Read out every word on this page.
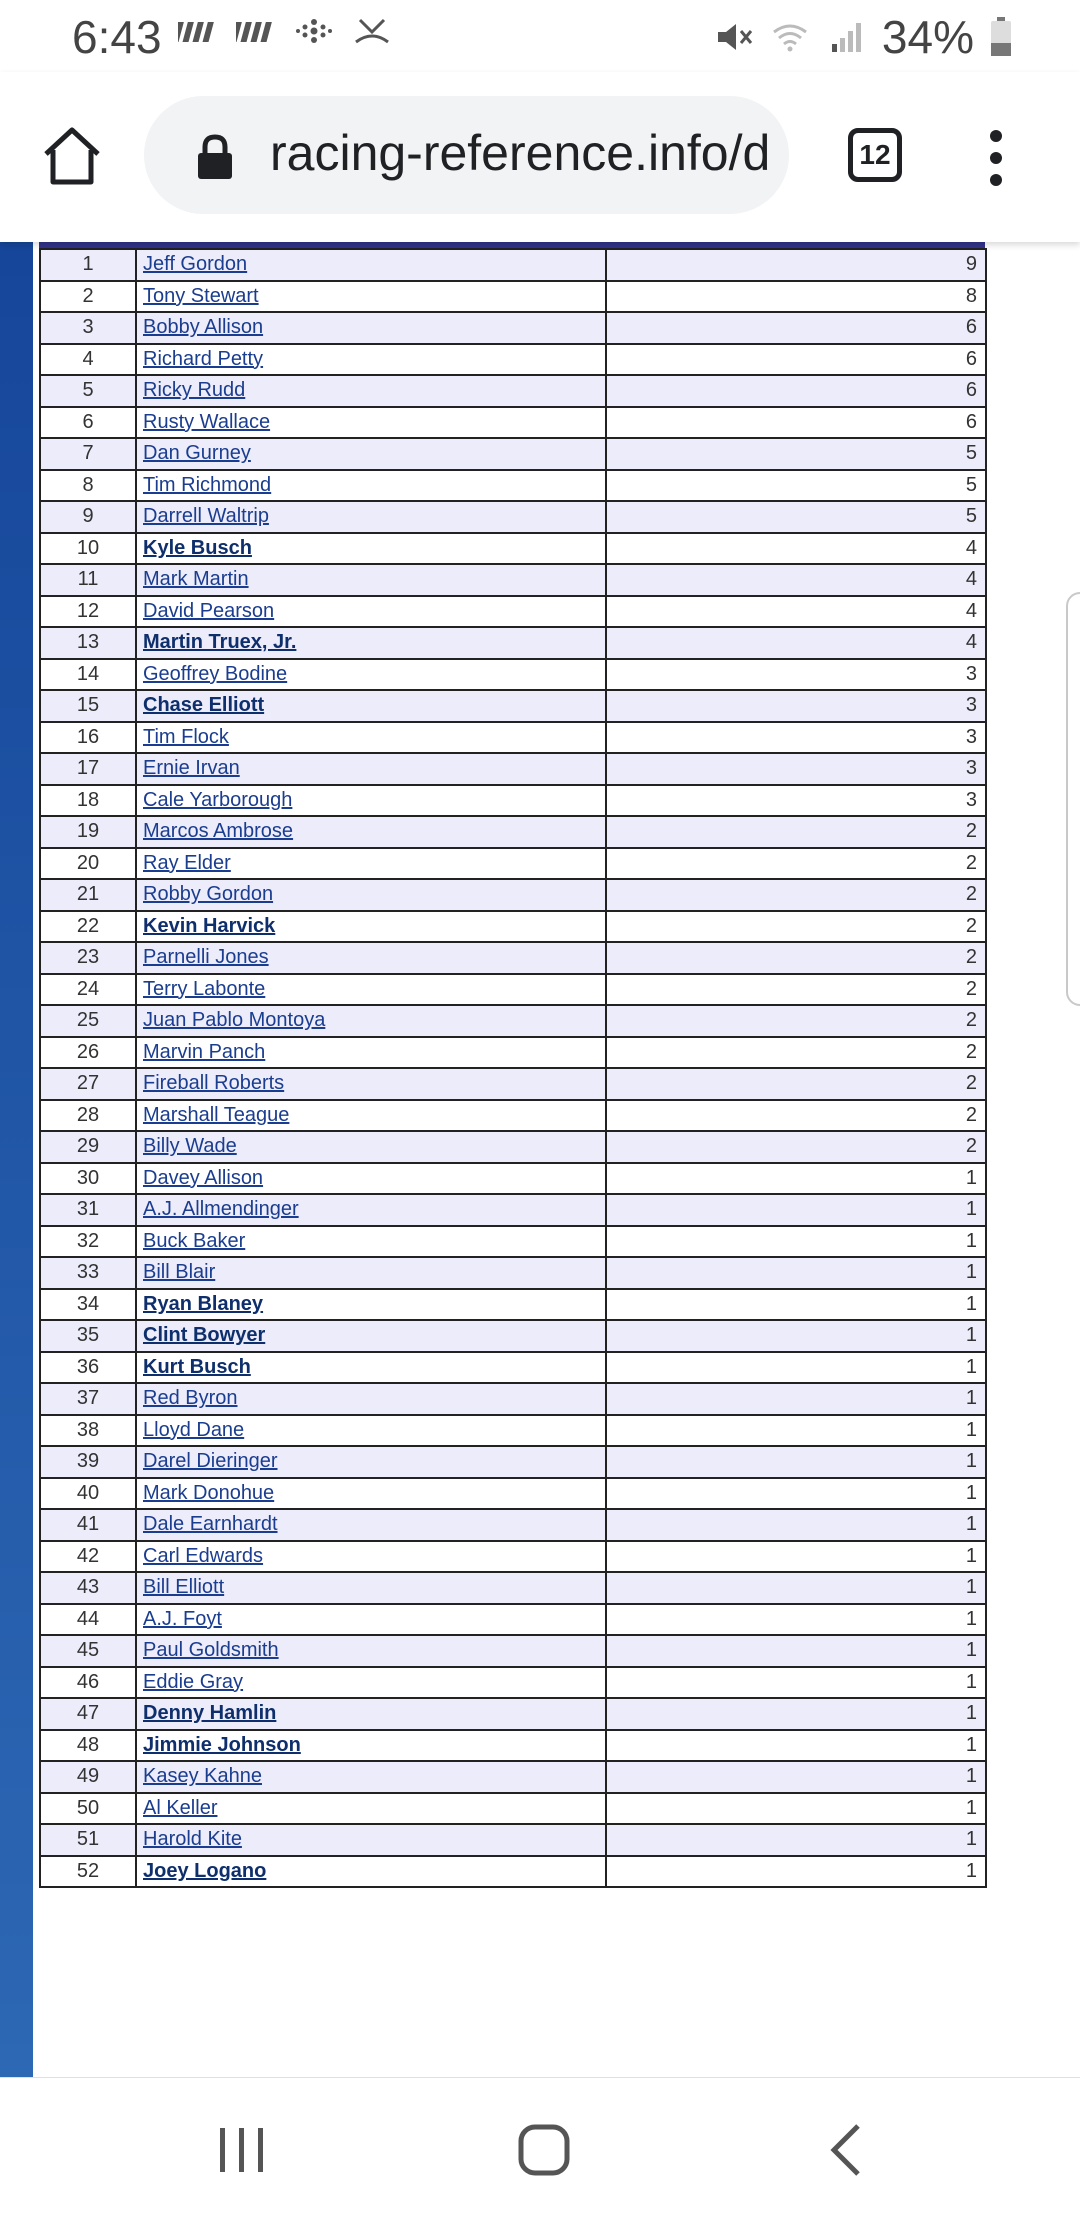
6:43	34%
racing-reference.info/d	12
1	Jeff Gordon	9
2	Tony Stewart	8
3	Bobby Allison	6
4	Richard Petty	6
5	Ricky Rudd	6
6	Rusty Wallace	6
7	Dan Gurney	5
8	Tim Richmond	5
9	Darrell Waltrip	5
10	Kyle Busch	4
11	Mark Martin	4
12	David Pearson	4
13	Martin Truex, Jr.	4
14	Geoffrey Bodine	3
15	Chase Elliott	3
16	Tim Flock	3
17	Ernie Irvan	3
18	Cale Yarborough	3
19	Marcos Ambrose	2
20	Ray Elder	2
21	Robby Gordon	2
22	Kevin Harvick	2
23	Parnelli Jones	2
24	Terry Labonte	2
25	Juan Pablo Montoya	2
26	Marvin Panch	2
27	Fireball Roberts	2
28	Marshall Teague	2
29	Billy Wade	2
30	Davey Allison	1
31	A.J. Allmendinger	1
32	Buck Baker	1
33	Bill Blair	1
34	Ryan Blaney	1
35	Clint Bowyer	1
36	Kurt Busch	1
37	Red Byron	1
38	Lloyd Dane	1
39	Darel Dieringer	1
40	Mark Donohue	1
41	Dale Earnhardt	1
42	Carl Edwards	1
43	Bill Elliott	1
44	A.J. Foyt	1
45	Paul Goldsmith	1
46	Eddie Gray	1
47	Denny Hamlin	1
48	Jimmie Johnson	1
49	Kasey Kahne	1
50	Al Keller	1
51	Harold Kite	1
52	Joey Logano	1
